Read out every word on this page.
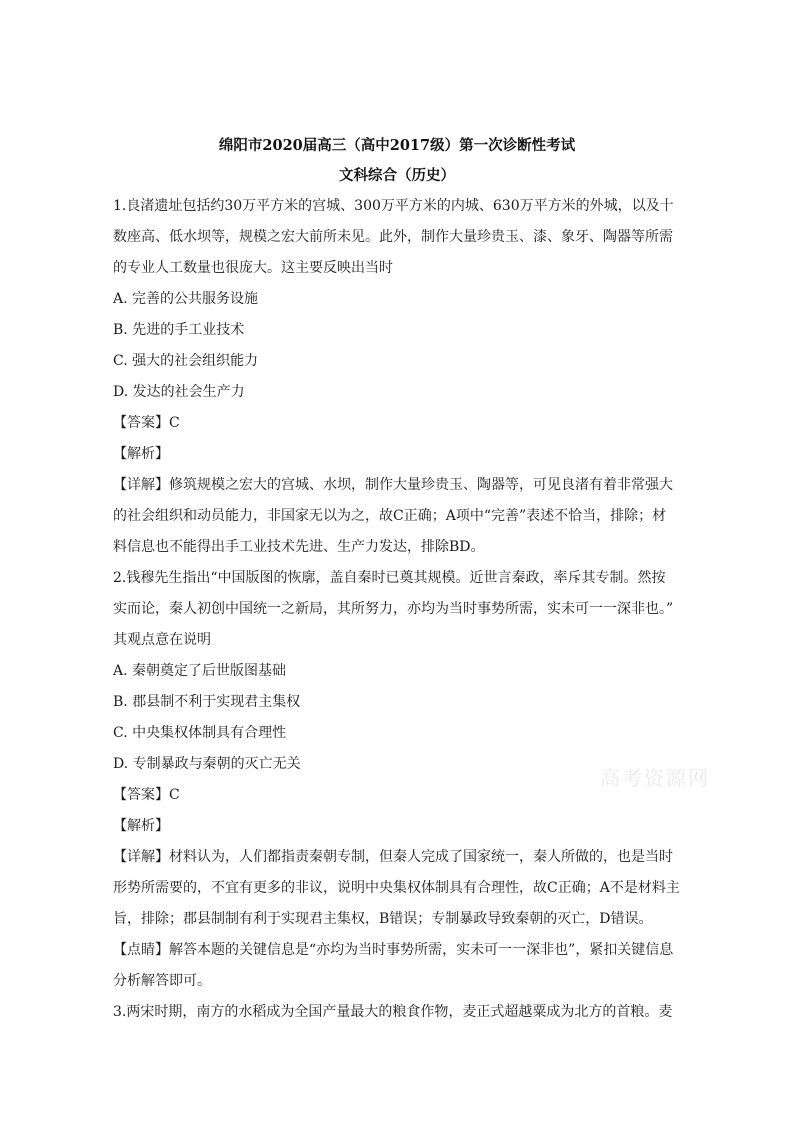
绵阳市2020届高三（高中2017级）第一次诊断性考试
文科综合（历史）
1.良渚遗址包括约30万平方米的宫城、300万平方米的内城、630万平方米的外城，以及十
数座高、低水坝等，规模之宏大前所未见。此外，制作大量珍贵玉、漆、象牙、陶器等所需
的专业人工数量也很庞大。这主要反映出当时
A. 完善的公共服务设施
B. 先进的手工业技术
C. 强大的社会组织能力
D. 发达的社会生产力
【答案】C
【解析】
【详解】修筑规模之宏大的宫城、水坝，制作大量珍贵玉、陶器等，可见良渚有着非常强大
的社会组织和动员能力，非国家无以为之，故C正确；A项中“完善”表述不恰当，排除；材
料信息也不能得出手工业技术先进、生产力发达，排除BD。
2.钱穆先生指出“中国版图的恢廓，盖自秦时已奠其规模。近世言秦政，率斥其专制。然按
实而论，秦人初创中国统一之新局，其所努力，亦均为当时事势所需，实未可一一深非也。”
其观点意在说明
A. 秦朝奠定了后世版图基础
B. 郡县制不利于实现君主集权
C. 中央集权体制具有合理性
D. 专制暴政与秦朝的灭亡无关
【答案】C
【解析】
【详解】材料认为，人们都指责秦朝专制，但秦人完成了国家统一，秦人所做的，也是当时
形势所需要的，不宜有更多的非议，说明中央集权体制具有合理性，故C正确；A不是材料主
旨，排除；郡县制制有利于实现君主集权，B错误；专制暴政导致秦朝的灭亡，D错误。
【点睛】解答本题的关键信息是“亦均为当时事势所需，实未可一一深非也”，紧扣关键信息
分析解答即可。
3.两宋时期，南方的水稻成为全国产量最大的粮食作物，麦正式超越粟成为北方的首粮。麦
高考资源网
